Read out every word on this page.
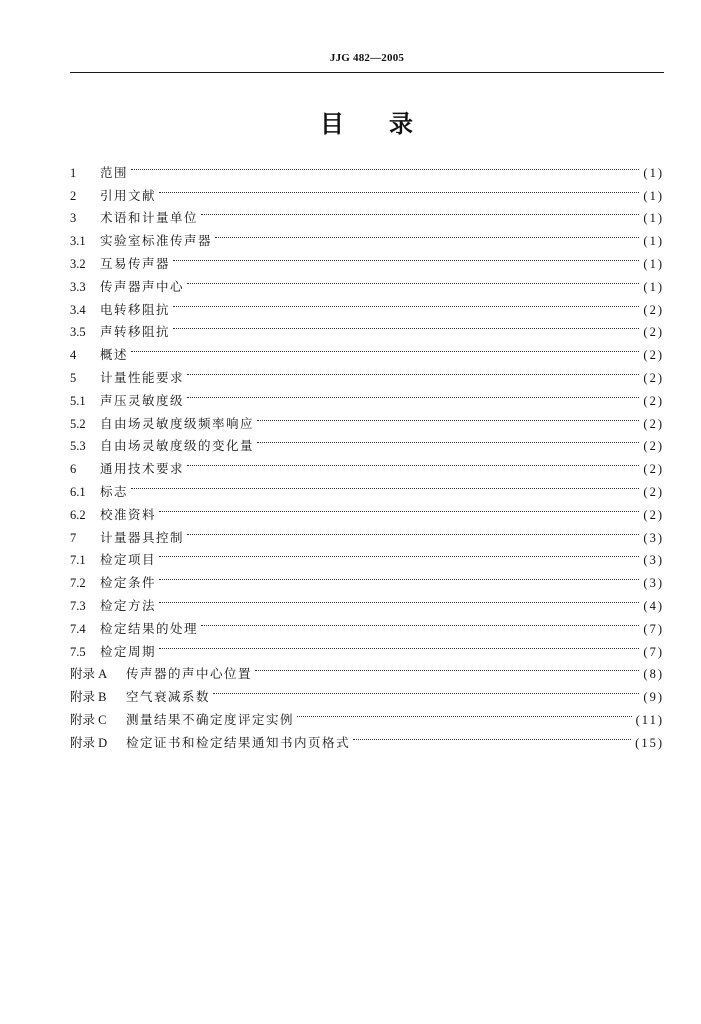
JJG 482—2005
目 录
1	范围	(1)
2	引用文献	(1)
3	术语和计量单位	(1)
3.1	实验室标准传声器	(1)
3.2	互易传声器	(1)
3.3	传声器声中心	(1)
3.4	电转移阻抗	(2)
3.5	声转移阻抗	(2)
4	概述	(2)
5	计量性能要求	(2)
5.1	声压灵敏度级	(2)
5.2	自由场灵敏度级频率响应	(2)
5.3	自由场灵敏度级的变化量	(2)
6	通用技术要求	(2)
6.1	标志	(2)
6.2	校准资料	(2)
7	计量器具控制	(3)
7.1	检定项目	(3)
7.2	检定条件	(3)
7.3	检定方法	(4)
7.4	检定结果的处理	(7)
7.5	检定周期	(7)
附录 A	传声器的声中心位置	(8)
附录 B	空气衰减系数	(9)
附录 C	测量结果不确定度评定实例	(11)
附录 D	检定证书和检定结果通知书内页格式	(15)
